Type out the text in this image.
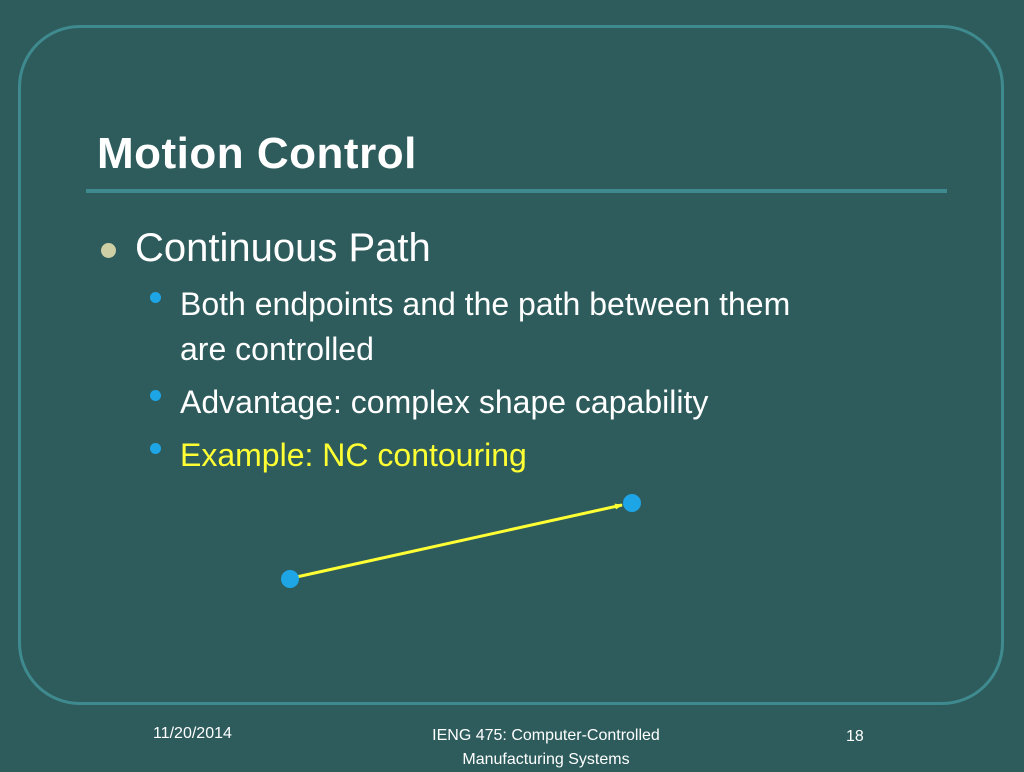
Motion Control
Continuous Path
Both endpoints and the path between them
are controlled
Advantage: complex shape capability
Example: NC contouring
11/20/2014	IENG 475: Computer-Controlled
Manufacturing Systems
18
